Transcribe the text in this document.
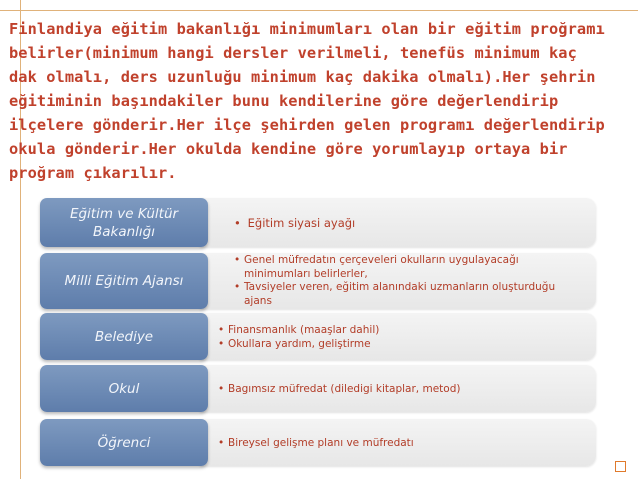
Finlandiya eğitim bakanlığı minimumları olan bir eğitim proğramı belirler(minimum hangi dersler verilmeli, tenefüs minimum kaç dak olmalı, ders uzunluğu minimum kaç dakika olmalı).Her şehrin eğitiminin başındakiler bunu kendilerine göre değerlendirip ilçelere gönderir.Her ilçe şehirden gelen programı değerlendirip okula gönderir.Her okulda kendine göre yorumlayıp ortaya bir proğram çıkarılır.

• Eğitim siyasi ayağı
Eğitim ve Kültür Bakanlığı
• Genel müfredatın çerçeveleri okulların uygulayacağı minimumları belirlerler,
• Tavsiyeler veren, eğitim alanındaki uzmanların oluşturduğu ajans
Milli Eğitim Ajansı
• Finansmanlık (maaşlar dahil)
• Okullara yardım, geliştirme
Belediye
• Bagımsız müfredat (diledigi kitaplar, metod)
Okul
• Bireysel gelişme planı ve müfredatı
Öğrenci
